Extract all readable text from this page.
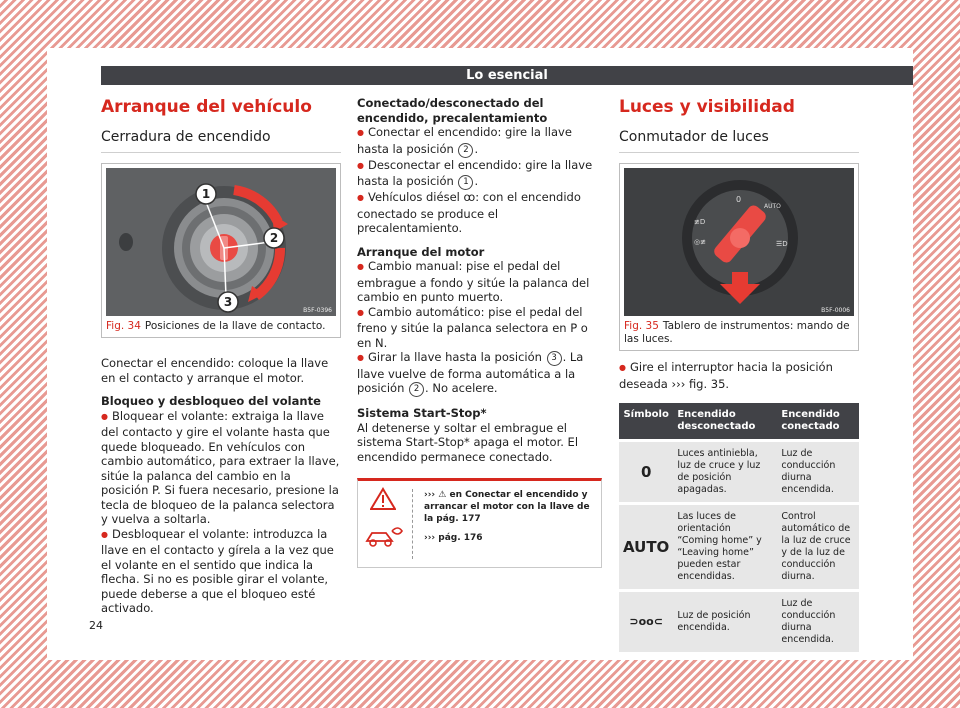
Lo esencial
Arranque del vehículo
Cerradura de encendido
1
2
3
B5F-0396
Fig. 34 Posiciones de la llave de contacto.

Conectar el encendido: coloque la llave en el contacto y arranque el motor.

Bloqueo y desbloqueo del volante

● Bloquear el volante: extraiga la llave del contacto y gire el volante hasta que quede bloqueado. En vehículos con cambio automático, para extraer la llave, sitúe la palanca del cambio en la posición P. Si fuera necesario, presione la tecla de bloqueo de la palanca selectora y vuelva a soltarla.

● Desbloquear el volante: introduzca la llave en el contacto y gírela a la vez que el volante en el sentido que indica la flecha. Si no es posible girar el volante, puede deberse a que el bloqueo esté activado.

Conectado/desconectado del encendido, precalentamiento

● Conectar el encendido: gire la llave hasta la posición 2 .

● Desconectar el encendido: gire la llave hasta la posición 1 .

● Vehículos diésel ꝏ: con el encendido conectado se produce el precalentamiento.

Arranque del motor

● Cambio manual: pise el pedal del embrague a fondo y sitúe la palanca del cambio en punto muerto.

● Cambio automático: pise el pedal del freno y sitúe la palanca selectora en P o en N.

● Girar la llave hasta la posición 3 . La llave vuelve de forma automática a la posición 2 . No acelere.

Sistema Start-Stop*

Al detenerse y soltar el embrague el sistema Start-Stop* apaga el motor. El encendido permanece conectado.

››› ⚠ en Conectar el encendido y arrancar el motor con la llave de la pág. 177
››› pág. 176
Luces y visibilidad
Conmutador de luces
0
AUTO
≢D
◎≢	☰D
B5F-0006
Fig. 35 Tablero de instrumentos: mando de las luces.

● Gire el interruptor hacia la posición deseada ››› fig. 35.

Símbolo	Encendido desconectado	Encendido conectado
0	Luces antiniebla, luz de cruce y luz de posición apagadas.	Luz de conducción diurna encendida.
AUTO	Las luces de orientación “Coming home” y “Leaving home” pueden estar encendidas.	Control automático de la luz de cruce y de la luz de conducción diurna.
⊃oo⊂	Luz de posición encendida.	Luz de conducción diurna encendida.
24
